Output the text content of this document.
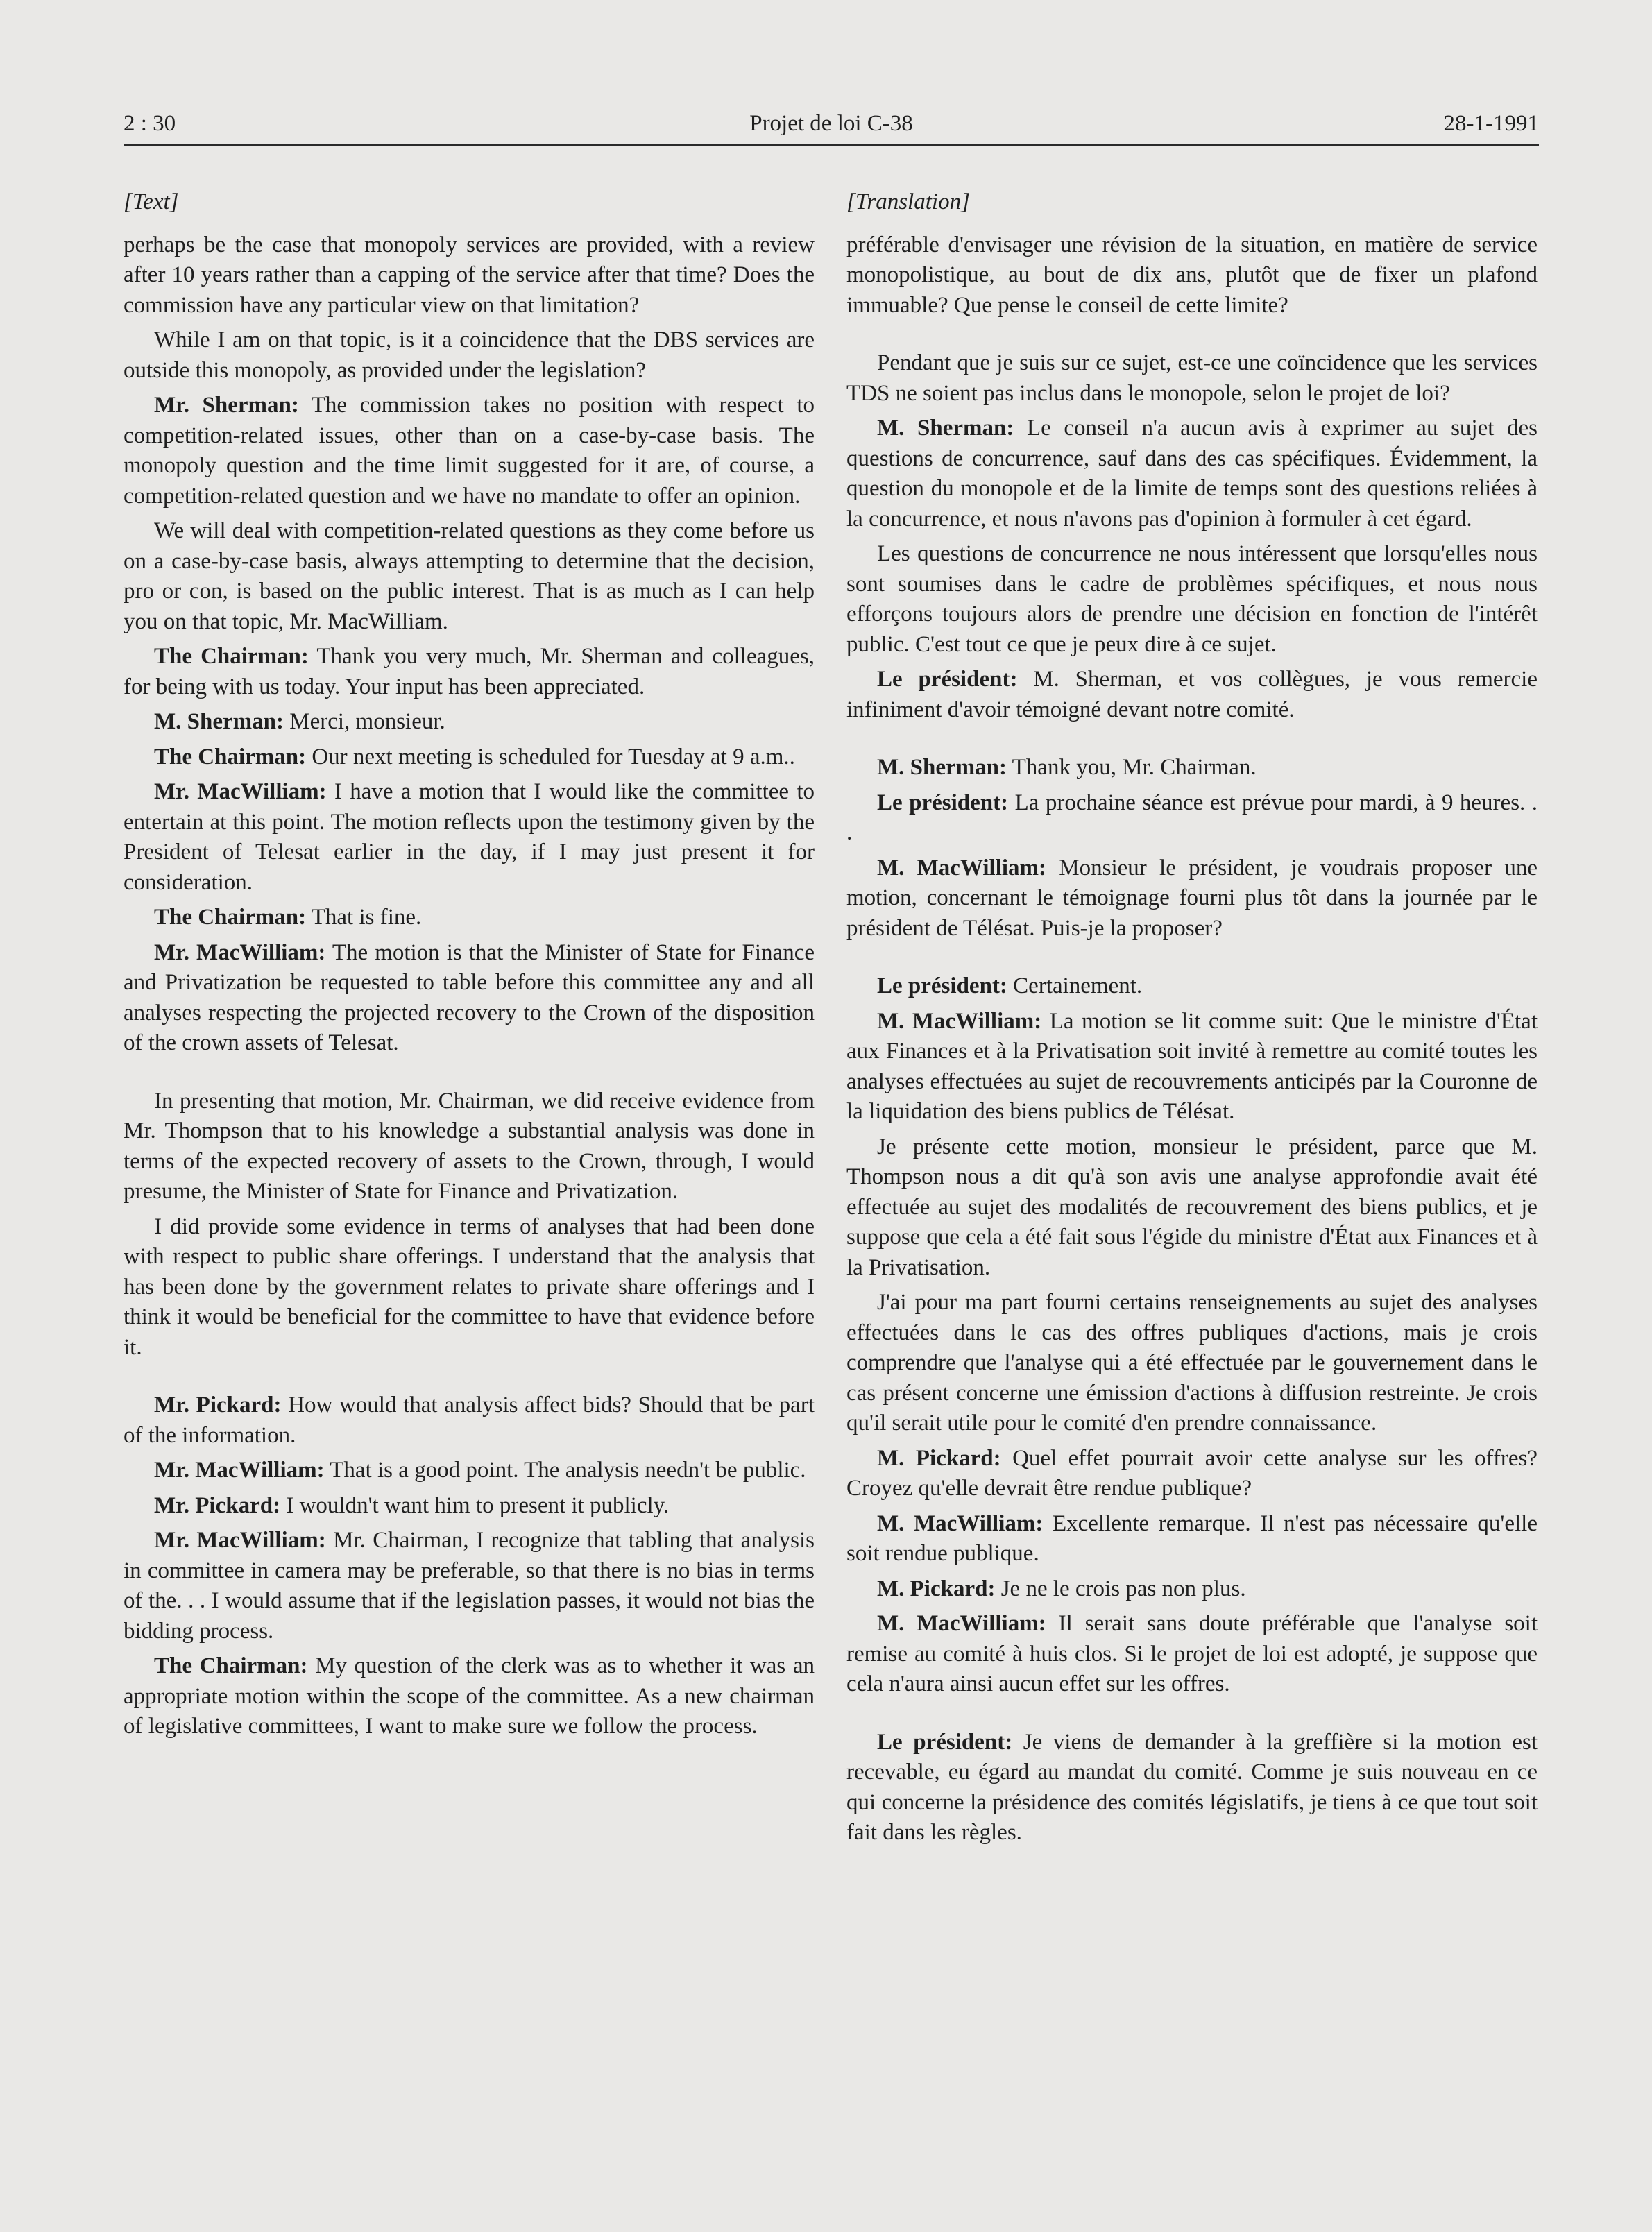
2 : 30	Projet de loi C-38	28-1-1991
[Text]

perhaps be the case that monopoly services are provided, with a review after 10 years rather than a capping of the service after that time? Does the commission have any particular view on that limitation?

While I am on that topic, is it a coincidence that the DBS services are outside this monopoly, as provided under the legislation?

Mr. Sherman: The commission takes no position with respect to competition-related issues, other than on a case-by-case basis. The monopoly question and the time limit suggested for it are, of course, a competition-related question and we have no mandate to offer an opinion.

We will deal with competition-related questions as they come before us on a case-by-case basis, always attempting to determine that the decision, pro or con, is based on the public interest. That is as much as I can help you on that topic, Mr. MacWilliam.

The Chairman: Thank you very much, Mr. Sherman and colleagues, for being with us today. Your input has been appreciated.

M. Sherman: Merci, monsieur.

The Chairman: Our next meeting is scheduled for Tuesday at 9 a.m..

Mr. MacWilliam: I have a motion that I would like the committee to entertain at this point. The motion reflects upon the testimony given by the President of Telesat earlier in the day, if I may just present it for consideration.

The Chairman: That is fine.

Mr. MacWilliam: The motion is that the Minister of State for Finance and Privatization be requested to table before this committee any and all analyses respecting the projected recovery to the Crown of the disposition of the crown assets of Telesat.

In presenting that motion, Mr. Chairman, we did receive evidence from Mr. Thompson that to his knowledge a substantial analysis was done in terms of the expected recovery of assets to the Crown, through, I would presume, the Minister of State for Finance and Privatization.

I did provide some evidence in terms of analyses that had been done with respect to public share offerings. I understand that the analysis that has been done by the government relates to private share offerings and I think it would be beneficial for the committee to have that evidence before it.

Mr. Pickard: How would that analysis affect bids? Should that be part of the information.

Mr. MacWilliam: That is a good point. The analysis needn't be public.

Mr. Pickard: I wouldn't want him to present it publicly.

Mr. MacWilliam: Mr. Chairman, I recognize that tabling that analysis in committee in camera may be preferable, so that there is no bias in terms of the. . . I would assume that if the legislation passes, it would not bias the bidding process.

The Chairman: My question of the clerk was as to whether it was an appropriate motion within the scope of the committee. As a new chairman of legislative committees, I want to make sure we follow the process.

[Translation]

préférable d'envisager une révision de la situation, en matière de service monopolistique, au bout de dix ans, plutôt que de fixer un plafond immuable? Que pense le conseil de cette limite?

Pendant que je suis sur ce sujet, est-ce une coïncidence que les services TDS ne soient pas inclus dans le monopole, selon le projet de loi?

M. Sherman: Le conseil n'a aucun avis à exprimer au sujet des questions de concurrence, sauf dans des cas spécifiques. Évidemment, la question du monopole et de la limite de temps sont des questions reliées à la concurrence, et nous n'avons pas d'opinion à formuler à cet égard.

Les questions de concurrence ne nous intéressent que lorsqu'elles nous sont soumises dans le cadre de problèmes spécifiques, et nous nous efforçons toujours alors de prendre une décision en fonction de l'intérêt public. C'est tout ce que je peux dire à ce sujet.

Le président: M. Sherman, et vos collègues, je vous remercie infiniment d'avoir témoigné devant notre comité.

M. Sherman: Thank you, Mr. Chairman.

Le président: La prochaine séance est prévue pour mardi, à 9 heures. . .

M. MacWilliam: Monsieur le président, je voudrais proposer une motion, concernant le témoignage fourni plus tôt dans la journée par le président de Télésat. Puis-je la proposer?

Le président: Certainement.

M. MacWilliam: La motion se lit comme suit: Que le ministre d'État aux Finances et à la Privatisation soit invité à remettre au comité toutes les analyses effectuées au sujet de recouvrements anticipés par la Couronne de la liquidation des biens publics de Télésat.

Je présente cette motion, monsieur le président, parce que M. Thompson nous a dit qu'à son avis une analyse approfondie avait été effectuée au sujet des modalités de recouvrement des biens publics, et je suppose que cela a été fait sous l'égide du ministre d'État aux Finances et à la Privatisation.

J'ai pour ma part fourni certains renseignements au sujet des analyses effectuées dans le cas des offres publiques d'actions, mais je crois comprendre que l'analyse qui a été effectuée par le gouvernement dans le cas présent concerne une émission d'actions à diffusion restreinte. Je crois qu'il serait utile pour le comité d'en prendre connaissance.

M. Pickard: Quel effet pourrait avoir cette analyse sur les offres? Croyez qu'elle devrait être rendue publique?

M. MacWilliam: Excellente remarque. Il n'est pas nécessaire qu'elle soit rendue publique.

M. Pickard: Je ne le crois pas non plus.

M. MacWilliam: Il serait sans doute préférable que l'analyse soit remise au comité à huis clos. Si le projet de loi est adopté, je suppose que cela n'aura ainsi aucun effet sur les offres.

Le président: Je viens de demander à la greffière si la motion est recevable, eu égard au mandat du comité. Comme je suis nouveau en ce qui concerne la présidence des comités législatifs, je tiens à ce que tout soit fait dans les règles.
